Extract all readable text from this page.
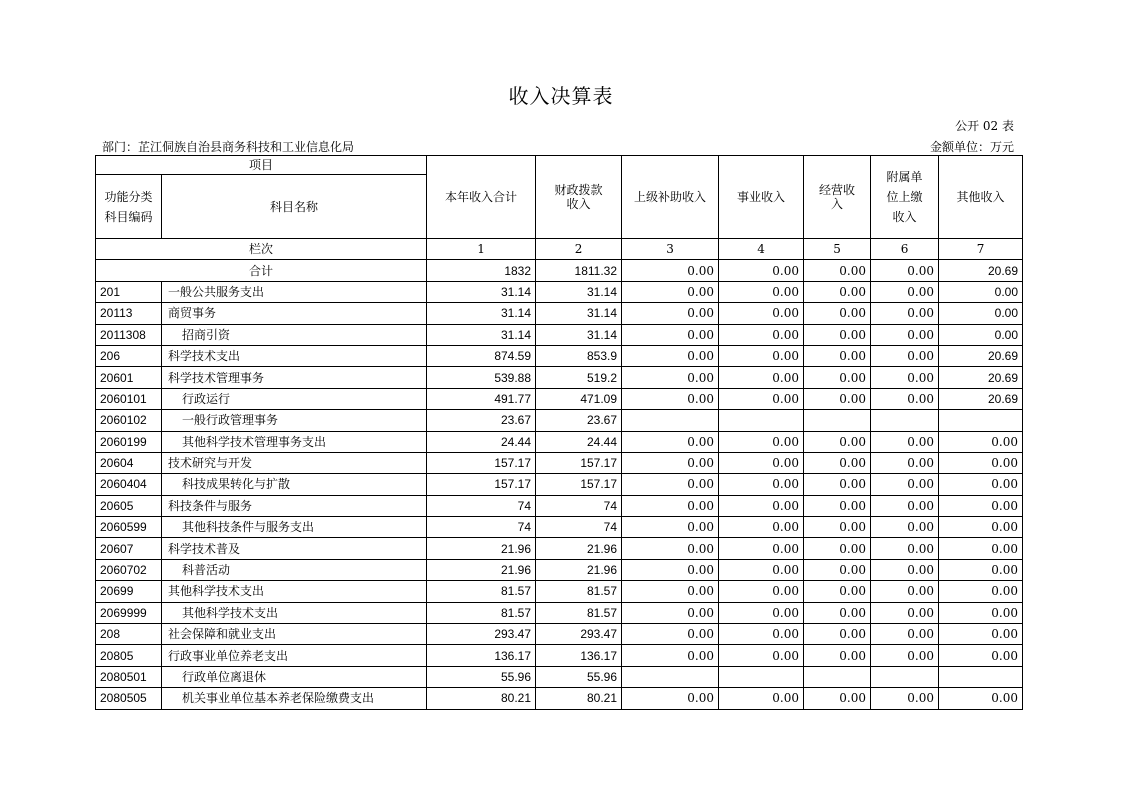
收入决算表
公开 02 表
部门：芷江侗族自治县商务科技和工业信息化局	金额单位：万元
项目		本年收入合计	财政拨款收入	上级补助收入	事业收入	经营收入	附属单位上缴收入	其他收入
功能分类科目编码	科目名称							
栏次		1	2	3	4	5	6	7
合计		1832	1811.32	0.00	0.00	0.00	0.00	20.69
201	一般公共服务支出	31.14	31.14	0.00	0.00	0.00	0.00	0.00
20113	商贸事务	31.14	31.14	0.00	0.00	0.00	0.00	0.00
2011308	招商引资	31.14	31.14	0.00	0.00	0.00	0.00	0.00
206	科学技术支出	874.59	853.9	0.00	0.00	0.00	0.00	20.69
20601	科学技术管理事务	539.88	519.2	0.00	0.00	0.00	0.00	20.69
2060101	行政运行	491.77	471.09	0.00	0.00	0.00	0.00	20.69
2060102	一般行政管理事务	23.67	23.67					
2060199	其他科学技术管理事务支出	24.44	24.44	0.00	0.00	0.00	0.00	0.00
20604	技术研究与开发	157.17	157.17	0.00	0.00	0.00	0.00	0.00
2060404	科技成果转化与扩散	157.17	157.17	0.00	0.00	0.00	0.00	0.00
20605	科技条件与服务	74	74	0.00	0.00	0.00	0.00	0.00
2060599	其他科技条件与服务支出	74	74	0.00	0.00	0.00	0.00	0.00
20607	科学技术普及	21.96	21.96	0.00	0.00	0.00	0.00	0.00
2060702	科普活动	21.96	21.96	0.00	0.00	0.00	0.00	0.00
20699	其他科学技术支出	81.57	81.57	0.00	0.00	0.00	0.00	0.00
2069999	其他科学技术支出	81.57	81.57	0.00	0.00	0.00	0.00	0.00
208	社会保障和就业支出	293.47	293.47	0.00	0.00	0.00	0.00	0.00
20805	行政事业单位养老支出	136.17	136.17	0.00	0.00	0.00	0.00	0.00
2080501	行政单位离退休	55.96	55.96					
2080505	机关事业单位基本养老保险缴费支出	80.21	80.21	0.00	0.00	0.00	0.00	0.00
